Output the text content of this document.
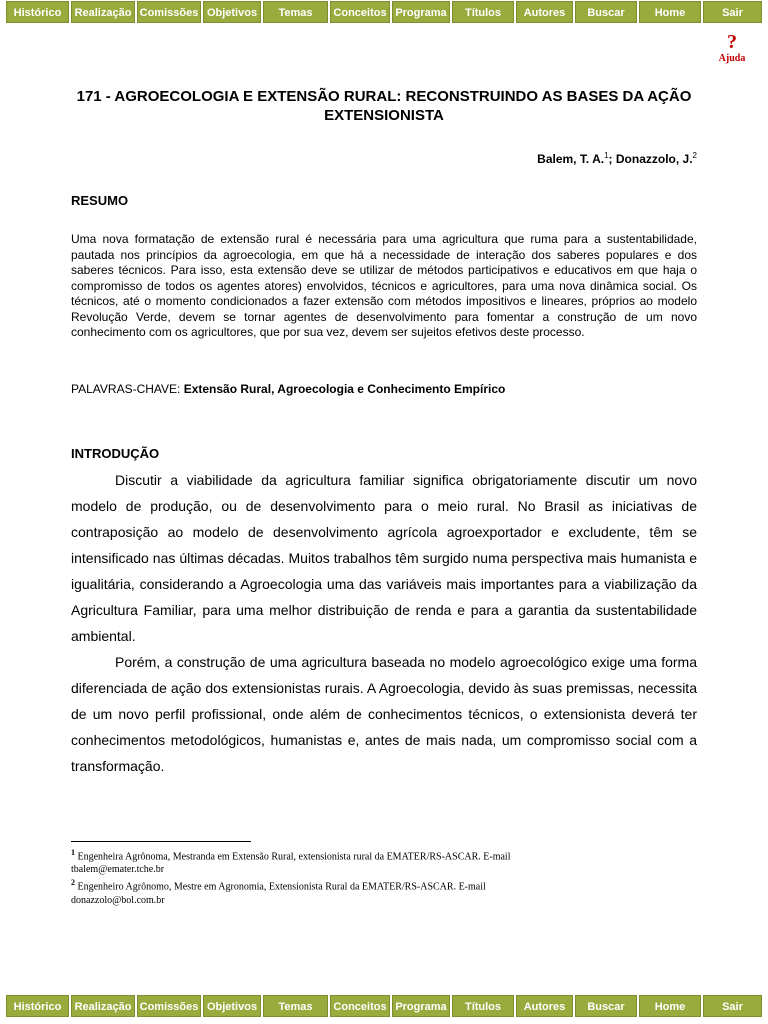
Histórico	Realização Comissões Objetivos	Temas	Conceitos Programa	Títulos	Autores	Buscar	Home	Sair
?
Ajuda
171 - AGROECOLOGIA E EXTENSÃO RURAL: RECONSTRUINDO AS BASES DA AÇÃO EXTENSIONISTA
Balem, T. A.$^1$; Donazzolo, J.$^2$
RESUMO

Uma nova formatação de extensão rural é necessária para uma agricultura que ruma para a sustentabilidade, pautada nos princípios da agroecologia, em que há a necessidade de interação dos saberes populares e dos saberes técnicos. Para isso, esta extensão deve se utilizar de métodos participativos e educativos em que haja o compromisso de todos os agentes atores) envolvidos, técnicos e agricultores, para uma nova dinâmica social. Os técnicos, até o momento condicionados a fazer extensão com métodos impositivos e lineares, próprios ao modelo Revolução Verde, devem se tornar agentes de desenvolvimento para fomentar a construção de um novo conhecimento com os agricultores, que por sua vez, devem ser sujeitos efetivos deste processo.

PALAVRAS-CHAVE: Extensão Rural, Agroecologia e Conhecimento Empírico
INTRODUÇÃO

Discutir a viabilidade da agricultura familiar significa obrigatoriamente discutir um novo modelo de produção, ou de desenvolvimento para o meio rural. No Brasil as iniciativas de contraposição ao modelo de desenvolvimento agrícola agroexportador e excludente, têm se intensificado nas últimas décadas. Muitos trabalhos têm surgido numa perspectiva mais humanista e igualitária, considerando a Agroecologia uma das variáveis mais importantes para a viabilização da Agricultura Familiar, para uma melhor distribuição de renda e para a garantia da sustentabilidade ambiental.

Porém, a construção de uma agricultura baseada no modelo agroecológico exige uma forma diferenciada de ação dos extensionistas rurais. A Agroecologia, devido às suas premissas, necessita de um novo perfil profissional, onde além de conhecimentos técnicos, o extensionista deverá ter conhecimentos metodológicos, humanistas e, antes de mais nada, um compromisso social com a transformação.

$^1$ Engenheira Agrônoma, Mestranda em Extensão Rural, extensionista rural da EMATER/RS-ASCAR. E-mail
tbalem@emater.tche.br
$^2$ Engenheiro Agrônomo, Mestre em Agronomia, Extensionista Rural da EMATER/RS-ASCAR. E-mail
donazzolo@bol.com.br
Histórico	Realização Comissões Objetivos	Temas	Conceitos Programa	Títulos	Autores	Buscar	Home	Sair
